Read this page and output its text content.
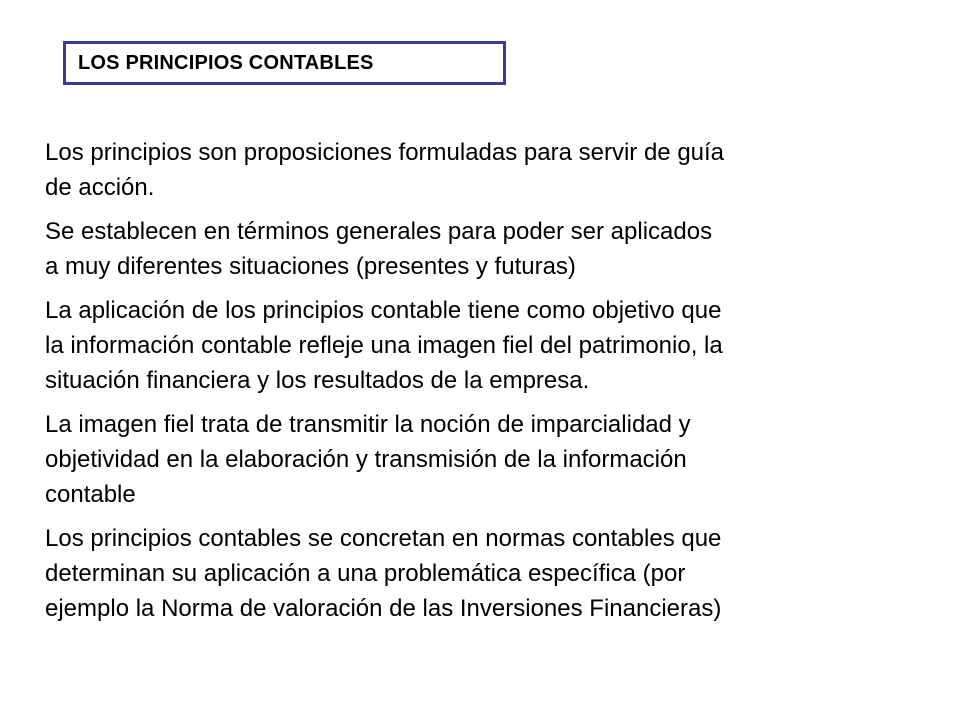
LOS PRINCIPIOS CONTABLES

Los principios son proposiciones formuladas para servir de guía
de acción.

Se establecen en términos generales para poder ser aplicados
a muy diferentes situaciones (presentes y futuras)

La aplicación de los principios contable tiene como objetivo que
la información contable refleje una imagen fiel del patrimonio, la
situación financiera y los resultados de la empresa.

La imagen fiel trata de transmitir la noción de imparcialidad y
objetividad en la elaboración y transmisión de la información
contable

Los principios contables se concretan en normas contables que
determinan su aplicación a una problemática específica (por
ejemplo la Norma de valoración de las Inversiones Financieras)
